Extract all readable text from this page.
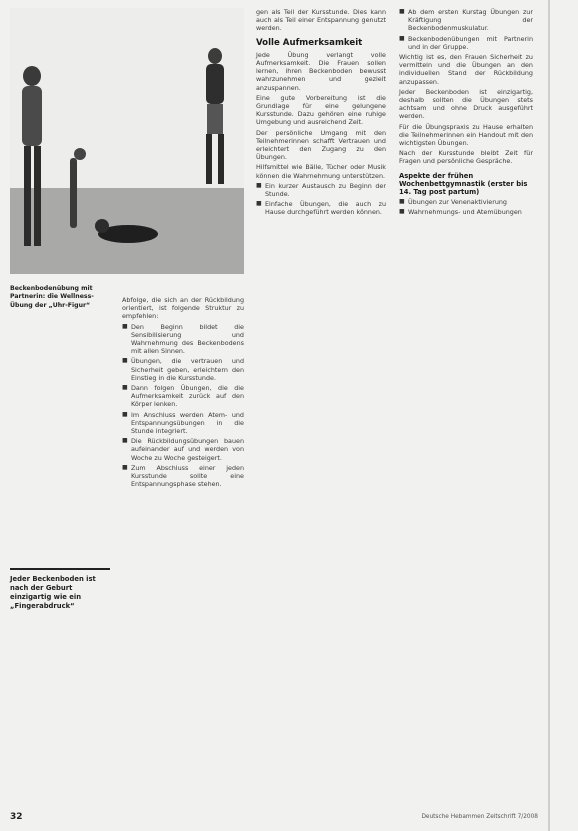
Beckenbodenübung mit Partnerin: die Wellness-Übung der „Uhr-Figur“

Abfolge, die sich an der Rückbildung orientiert, ist folgende Struktur zu empfehlen:

■ Den Beginn bildet die Sensibilisierung und Wahrnehmung des Beckenbodens mit allen Sinnen.
■ Übungen, die vertrauen und Sicherheit geben, erleichtern den Einstieg in die Kursstunde.
■ Dann folgen Übungen, die die Aufmerksamkeit zurück auf den Körper lenken.
■ Im Anschluss werden Atem- und Entspannungsübungen in die Stunde integriert.
■ Die Rückbildungsübungen bauen aufeinander auf und werden von Woche zu Woche gesteigert.
■ Zum Abschluss einer jeden Kursstunde sollte eine Entspannungsphase stehen.
Jeder Beckenboden ist nach der Geburt einzigartig wie ein „Fingerabdruck“

gen als Teil der Kursstunde. Dies kann auch als Teil einer Entspannung genutzt werden.

Volle Aufmerksamkeit

Jede Übung verlangt volle Aufmerksamkeit. Die Frauen sollen lernen, ihren Beckenboden bewusst wahrzunehmen und gezielt anzuspannen.

Eine gute Vorbereitung ist die Grundlage für eine gelungene Kursstunde. Dazu gehören eine ruhige Umgebung und ausreichend Zeit.

Der persönliche Umgang mit den Teilnehmerinnen schafft Vertrauen und erleichtert den Zugang zu den Übungen.

Hilfsmittel wie Bälle, Tücher oder Musik können die Wahrnehmung unterstützen.

■ Ein kurzer Austausch zu Beginn der Stunde.
■ Einfache Übungen, die auch zu Hause durchgeführt werden können.
■ Ab dem ersten Kurstag Übungen zur Kräftigung der Beckenbodenmuskulatur.
■ Beckenbodenübungen mit Partnerin und in der Gruppe.

Wichtig ist es, den Frauen Sicherheit zu vermitteln und die Übungen an den individuellen Stand der Rückbildung anzupassen.

Jeder Beckenboden ist einzigartig, deshalb sollten die Übungen stets achtsam und ohne Druck ausgeführt werden.

Für die Übungspraxis zu Hause erhalten die Teilnehmerinnen ein Handout mit den wichtigsten Übungen.

Nach der Kursstunde bleibt Zeit für Fragen und persönliche Gespräche.

Aspekte der frühen Wochenbettgymnastik (erster bis 14. Tag post partum)
■ Übungen zur Venenaktivierung
■ Wahrnehmungs- und Atemübungen
32	Deutsche Hebammen Zeitschrift 7/2008
